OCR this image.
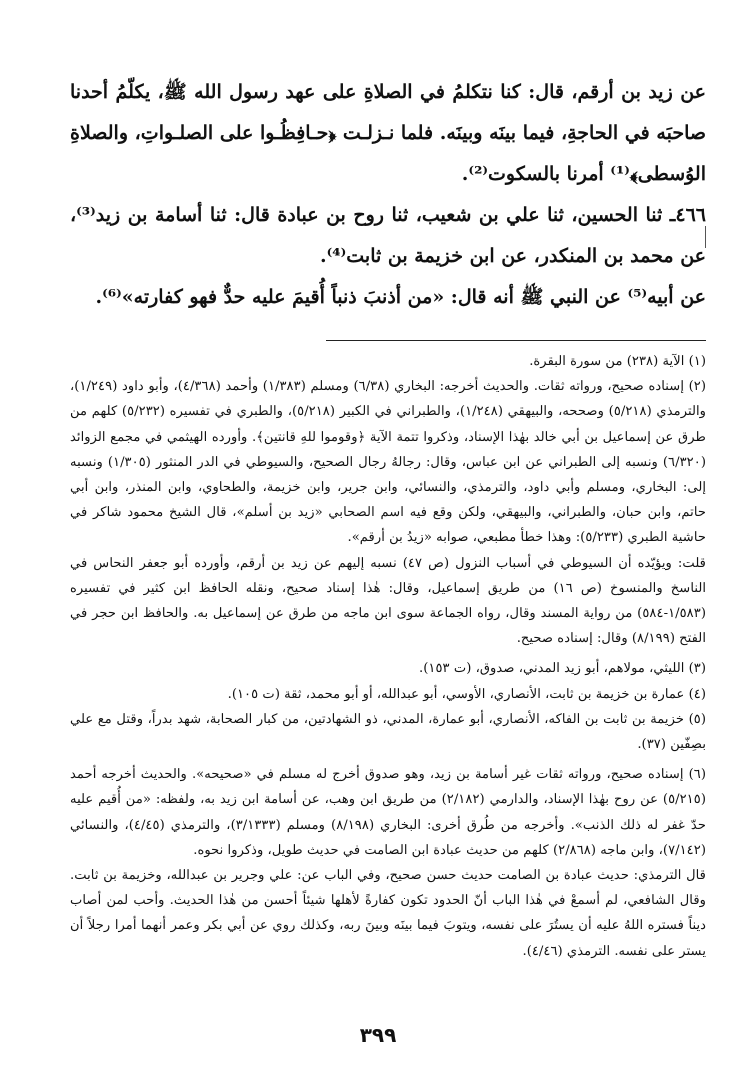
عن زيد بن أرقم، قال: كنا نتكلمُ في الصلاةِ على عهد رسول الله ﷺ، يكلّمُ أحدنا صاحبَه في الحاجةِ، فيما بينَه وبينَه. فلما نـزلـت ﴿حـافِظُـوا على الصلـواتِ، والصلاةِ الوُسطى﴾⁽¹⁾ أمرنا بالسكوت⁽²⁾.

٤٦٦ـ ثنا الحسين، ثنا علي بن شعيب، ثنا روح بن عبادة قال: ثنا أسامة بن زيد⁽³⁾، عن محمد بن المنكدر، عن ابن خزيمة بن ثابت⁽⁴⁾.

عن أبيه⁽⁵⁾ عن النبي ﷺ أنه قال: «من أذنبَ ذنباً أُقيمَ عليه حدٌّ فهو كفارته»⁽⁶⁾.

(١) الآية (٢٣٨) من سورة البقرة.

(٢) إسناده صحيح، ورواته ثقات. والحديث أخرجه: البخاري (٦/٣٨) ومسلم (١/٣٨٣) وأحمد (٤/٣٦٨)، وأبو داود (١/٢٤٩)، والترمذي (٥/٢١٨) وصححه، والبيهقي (١/٢٤٨)، والطبراني في الكبير (٥/٢١٨)، والطبري في تفسيره (٥/٢٣٢) كلهم من طرق عن إسماعيل بن أبي خالد بهٰذا الإسناد، وذكروا تتمة الآية ﴿وقوموا للهِ قانتين﴾. وأورده الهيثمي في مجمع الزوائد (٦/٣٢٠) ونسبه إلى الطبراني عن ابن عباس، وقال: رجالهُ رجال الصحيح، والسيوطي في الدر المنثور (١/٣٠٥) ونسبه إلى: البخاري، ومسلم وأبي داود، والترمذي، والنسائي، وابن جرير، وابن خزيمة، والطحاوي، وابن المنذر، وابن أبي حاتم، وابن حبان، والطبراني، والبيهقي، ولكن وقع فيه اسم الصحابي «زيد بن أسلم»، قال الشيخ محمود شاكر في حاشية الطبري (٥/٢٣٣): وهذا خطأ مطبعي، صوابه «زيدُ بن أرقم».

قلت: ويؤيّده أن السيوطي في أسباب النزول (ص ٤٧) نسبه إليهم عن زيد بن أرقم، وأورده أبو جعفر النحاس في الناسخ والمنسوخ (ص ١٦) من طريق إسماعيل، وقال: هٰذا إسناد صحيح، ونقله الحافظ ابن كثير في تفسيره (١/٥٨٣-٥٨٤) من رواية المسند وقال، رواه الجماعة سوى ابن ماجه من طرق عن إسماعيل به. والحافظ ابن حجر في الفتح (٨/١٩٩) وقال: إسناده صحيح.

(٣) الليثي، مولاهم، أبو زيد المدني، صدوق، (ت ١٥٣).

(٤) عمارة بن خزيمة بن ثابت، الأنصاري، الأوسي، أبو عبدالله، أو أبو محمد، ثقة (ت ١٠٥).

(٥) خزيمة بن ثابت بن الفاكه، الأنصاري، أبو عمارة، المدني، ذو الشهادتين، من كبار الصحابة، شهد بدراً، وقتل مع علي بصِفّين (٣٧).

(٦) إسناده صحيح، ورواته ثقات غير أسامة بن زيد، وهو صدوق أخرج له مسلم في «صحيحه». والحديث أخرجه أحمد (٥/٢١٥) عن روح بهٰذا الإسناد، والدارمي (٢/١٨٢) من طريق ابن وهب، عن أسامة ابن زيد به، ولفظه: «من أُقيم عليه حدّ غفر له ذلك الذنب». وأخرجه من طُرق أخرى: البخاري (٨/١٩٨) ومسلم (٣/١٣٣٣)، والترمذي (٤/٤٥)، والنسائي (٧/١٤٢)، وابن ماجه (٢/٨٦٨) كلهم من حديث عبادة ابن الصامت في حديث طويل، وذكروا نحوه.

قال الترمذي: حديث عبادة بن الصامت حديث حسن صحيح، وفي الباب عن: علي وجرير بن عبدالله، وخزيمة بن ثابت. وقال الشافعي، لم أسمعْ في هٰذا الباب أنّ الحدود تكون كفارةً لأهلها شيئاً أحسن من هٰذا الحديث. وأحب لمن أصاب ديناً فستره اللهُ عليه أن يستُرَ على نفسه، ويتوبَ فيما بينَه وبينَ ربه، وكذلك روي عن أبي بكر وعمر أنهما أمرا رجلاً أن يستر على نفسه. الترمذي (٤/٤٦).

٣٩٩
